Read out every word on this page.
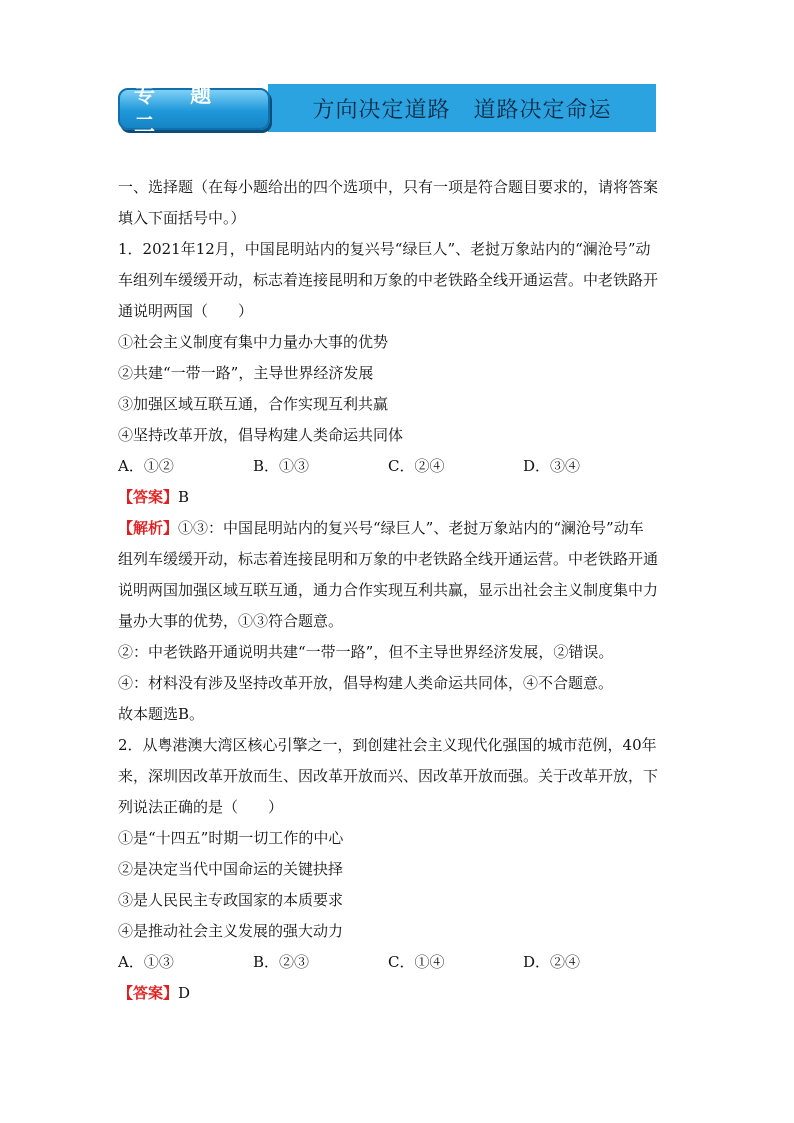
方向决定道路　道路决定命运
专 题 二

一、选择题（在每小题给出的四个选项中，只有一项是符合题目要求的，请将答案填入下面括号中。）

1．2021年12月，中国昆明站内的复兴号“绿巨人”、老挝万象站内的“澜沧号”动车组列车缓缓开动，标志着连接昆明和万象的中老铁路全线开通运营。中老铁路开通说明两国（　　）

①社会主义制度有集中力量办大事的优势

②共建“一带一路”，主导世界经济发展

③加强区域互联互通，合作实现互利共赢

④坚持改革开放，倡导构建人类命运共同体

A．①②	B．①③	C．②④	D．③④

【答案】B

【解析】①③：中国昆明站内的复兴号“绿巨人”、老挝万象站内的“澜沧号”动车组列车缓缓开动，标志着连接昆明和万象的中老铁路全线开通运营。中老铁路开通说明两国加强区域互联互通，通力合作实现互利共赢，显示出社会主义制度集中力量办大事的优势，①③符合题意。

②：中老铁路开通说明共建“一带一路”，但不主导世界经济发展，②错误。

④：材料没有涉及坚持改革开放，倡导构建人类命运共同体，④不合题意。

故本题选B。

2．从粤港澳大湾区核心引擎之一，到创建社会主义现代化强国的城市范例，40年来，深圳因改革开放而生、因改革开放而兴、因改革开放而强。关于改革开放，下列说法正确的是（　　）

①是“十四五”时期一切工作的中心

②是决定当代中国命运的关键抉择

③是人民民主专政国家的本质要求

④是推动社会主义发展的强大动力

A．①③	B．②③	C．①④	D．②④

【答案】D
